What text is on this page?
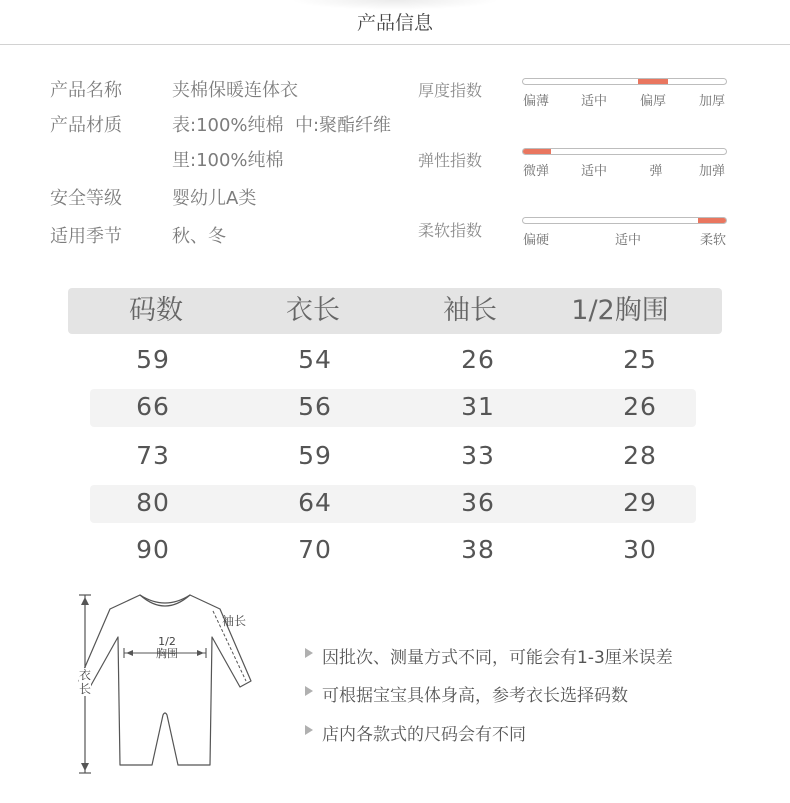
产品信息
产品名称	夹棉保暖连体衣
产品材质	表:100%纯棉  中:聚酯纤维
里:100%纯棉
安全等级	婴幼儿A类
适用季节	秋、冬
厚度指数
偏薄 适中	偏厚	加厚
弹性指数
微弹 适中	弹	加弹
柔软指数
偏硬	适中	柔软
码数	衣长	袖长	1/2胸围
59	54	26	25
66	56	31	26
73	59	33	28
80	64	36	29
90	70	38	30
衣长
袖长
1/2
胸围	因批次、测量方式不同，可能会有1-3厘米误差
可根据宝宝具体身高，参考衣长选择码数
店内各款式的尺码会有不同
